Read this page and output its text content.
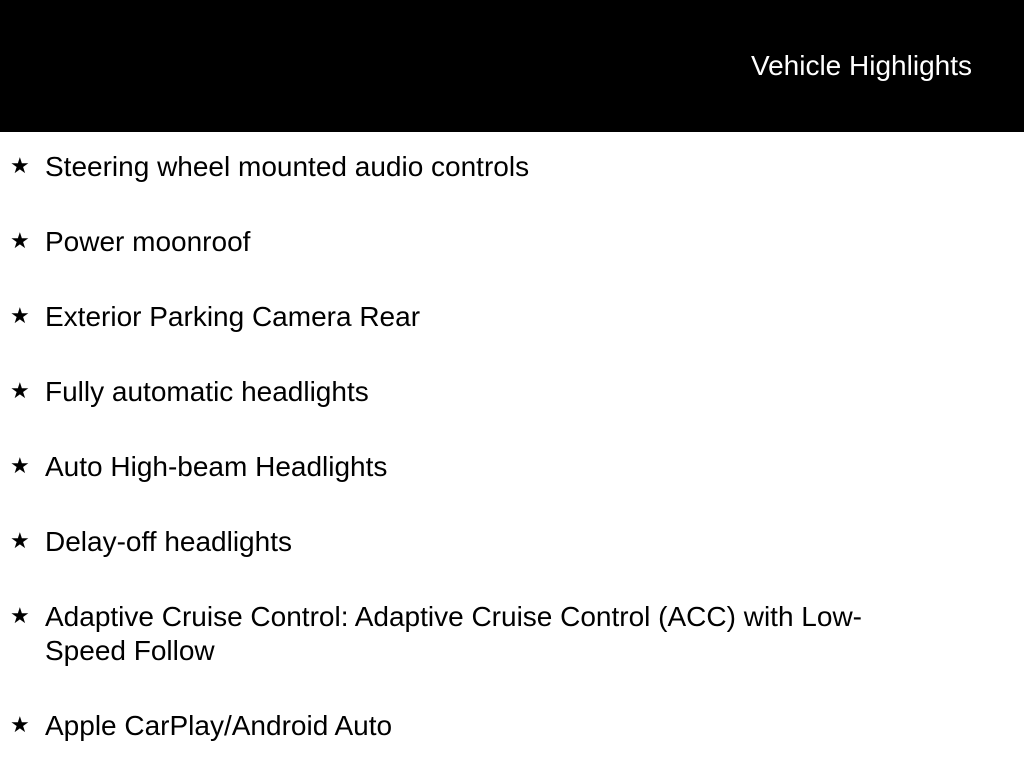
Vehicle Highlights
★ Steering wheel mounted audio controls
★ Power moonroof
★ Exterior Parking Camera Rear
★ Fully automatic headlights
★ Auto High-beam Headlights
★ Delay-off headlights
★ Adaptive Cruise Control: Adaptive Cruise Control (ACC) with Low-Speed Follow
★ Apple CarPlay/Android Auto
